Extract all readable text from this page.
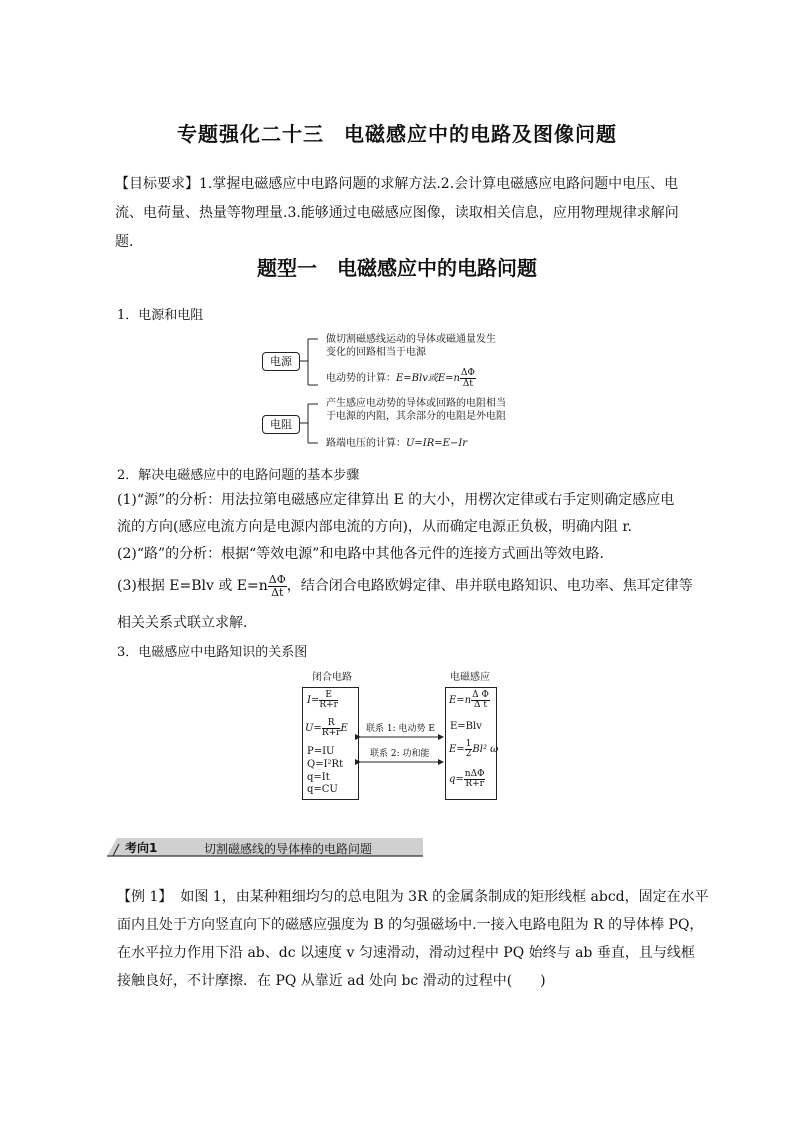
专题强化二十三 电磁感应中的电路及图像问题
【目标要求】1.掌握电磁感应中电路问题的求解方法.2.会计算电磁感应电路问题中电压、电流、电荷量、热量等物理量.3.能够通过电磁感应图像，读取相关信息，应用物理规律求解问题．
题型一 电磁感应中的电路问题
1．电源和电阻
电源
做切割磁感线运动的导体或磁通量发生
变化的回路相当于电源
电动势的计算：E=Blv或$E=n \frac{\Delta\Phi}{\Delta t}$
电阻
产生感应电动势的导体或回路的电阻相当
于电源的内阻，其余部分的电阻是外电阻
路端电压的计算：U=IR=E−Ir
2．解决电磁感应中的电路问题的基本步骤
(1)“源”的分析：用法拉第电磁感应定律算出 E 的大小，用楞次定律或右手定则确定感应电
流的方向(感应电流方向是电源内部电流的方向)，从而确定电源正负极，明确内阻 r.
(2)“路”的分析：根据“等效电源”和电路中其他各元件的连接方式画出等效电路．
(3)根据 E=Blv 或 $E=n \frac{\Delta\Phi}{\Delta t}$ ，结合闭合电路欧姆定律、串并联电路知识、电功率、焦耳定律等
相关关系式联立求解．
3．电磁感应中电路知识的关系图
闭合电路	电磁感应
$I= \frac{E}{R+r}$
$U= \frac{R}{R+r}$ E
P=IU
Q=I²Rt
q=It
q=CU
$E=n \frac{\text{Δ Φ}}{\text{Δ t}}$
E=Blv
$E= \frac{1}{2} Bl^2$ ω
$q= \frac{\text{nΔΦ}}{R+r}$
联系 1: 电动势 E
联系 2: 功和能
考向1	切割磁感线的导体棒的电路问题
【例 1】 如图 1，由某种粗细均匀的总电阻为 3R 的金属条制成的矩形线框 abcd，固定在水平
面内且处于方向竖直向下的磁感应强度为 B 的匀强磁场中.一接入电路电阻为 R 的导体棒 PQ，
在水平拉力作用下沿 ab、dc 以速度 v 匀速滑动，滑动过程中 PQ 始终与 ab 垂直，且与线框
接触良好，不计摩擦．在 PQ 从靠近 ad 处向 bc 滑动的过程中(　　)
